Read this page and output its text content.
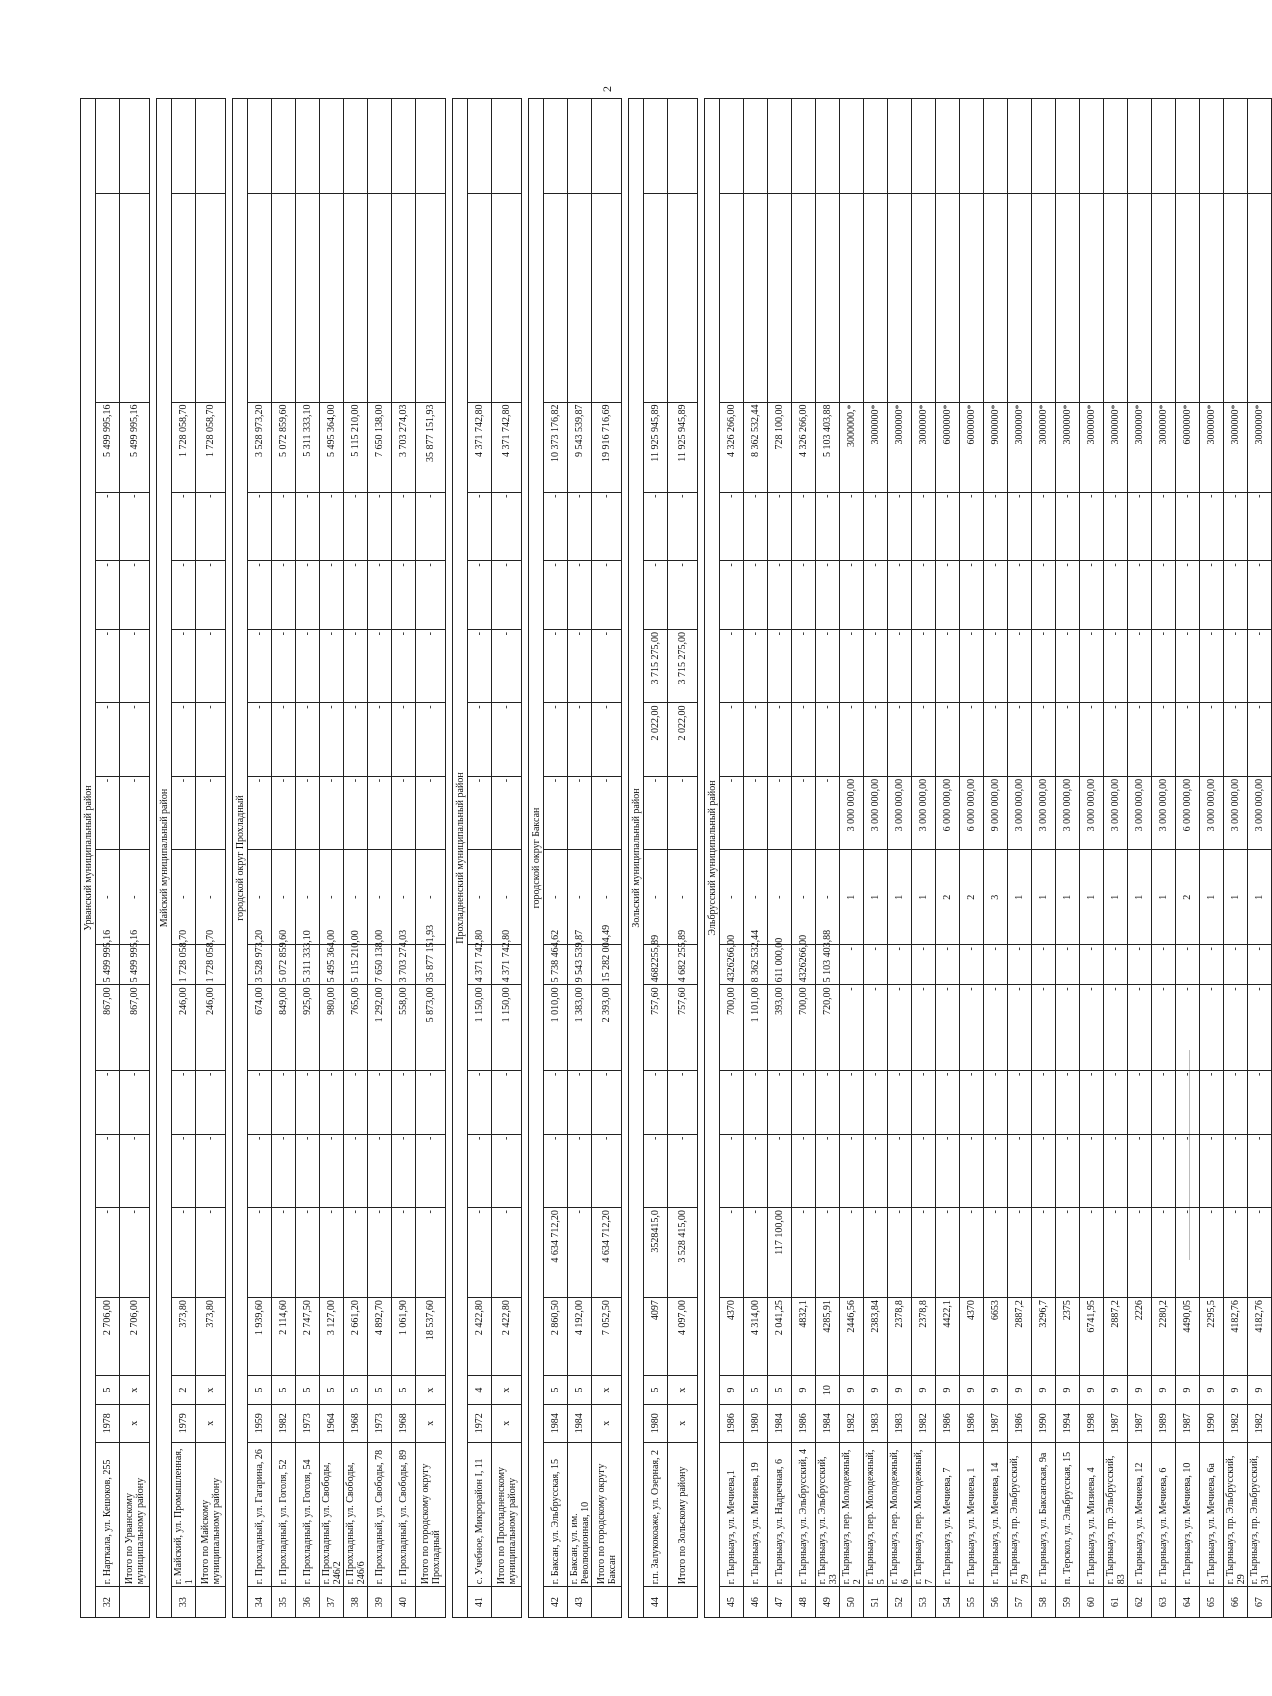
2
Урванский муниципальный район																		
32	г. Нарткала, ул. Кешоков, 255	1978	5	2 706,00	-	-	-	867,00	5 499 995,16	-	-	-	-	-	-	5 499 995,16		
	Итого по Урванскому муниципальному району	х	х	2 706,00	-	-	-	867,00	5 499 995,16	-	-	-	-	-	-	5 499 995,16		

Майский муниципальный район																		
33	г. Майский, ул. Промышленная, 1	1979	2	373,80	-	-	-	246,00	1 728 058,70	-	-	-	-	-	-	1 728 058,70		
	Итого по Майскому муниципальному району	х	х	373,80	-	-	-	246,00	1 728 058,70	-	-	-	-	-	-	1 728 058,70		

городской округ Прохладный																		
34	г. Прохладный, ул. Гагарина, 26	1959	5	1 939,60	-	-	-	674,00	3 528 973,20	-	-	-	-	-	-	3 528 973,20		
35	г. Прохладный, ул. Гоголя, 52	1982	5	2 114,60	-	-	-	849,00	5 072 859,60	-	-	-	-	-	-	5 072 859,60		
36	г. Прохладный, ул. Гоголя, 54	1973	5	2 747,50	-	-	-	925,00	5 311 333,10	-	-	-	-	-	-	5 311 333,10		
37	г. Прохладный, ул. Свободы, 246/2	1964	5	3 127,00	-	-	-	980,00	5 495 364,00	-	-	-	-	-	-	5 495 364,00		
38	г. Прохладный, ул. Свободы, 246/6	1968	5	2 661,20	-	-	-	765,00	5 115 210,00	-	-	-	-	-	-	5 115 210,00		
39	г. Прохладный, ул. Свободы, 78	1973	5	4 892,70	-	-	-	1 292,00	7 650 138,00	-	-	-	-	-	-	7 650 138,00		
40	г. Прохладный, ул. Свободы, 89	1968	5	1 061,90	-	-	-	558,00	3 703 274,03	-	-	-	-	-	-	3 703 274,03		
	Итого по городскому округу Прохладный	х	х	18 537,60	-	-	-	5 873,00	35 877 151,93	-	-	-	-	-	-	35 877 151,93		

Прохладненский муниципальный район																		
41	с. Учебное, Микрорайон I, 11	1972	4	2 422,80	-	-	-	1 150,00	4 371 742,80	-	-	-	-	-	-	4 371 742,80		
	Итого по Прохладненскому муниципальному району	х	х	2 422,80	-	-	-	1 150,00	4 371 742,80	-	-	-	-	-	-	4 371 742,80		

городской округ Баксан																		
42	г. Баксан, ул. Эльбрусская, 15	1984	5	2 860,50	4 634 712,20	-	-	1 010,00	5 738 464,62	-	-	-	-	-	-	10 373 176,82		
43	г. Баксан, ул. им. Революционная, 10	1984	5	4 192,00	-	-	-	1 383,00	9 543 539,87	-	-	-	-	-	-	9 543 539,87		
	Итого по городскому округу Баксан	х	х	7 052,50	4 634 712,20	-	-	2 393,00	15 282 004,49	-	-	-	-	-	-	19 916 716,69		

Зольский муниципальный район																		
44	г.п. Залукокоаже, ул. Озерная, 2	1980	5	4097	3528415,0	-	-	757,60	4682255,89	-	-	2 022,00	3 715 275,00	-	-	11 925 945,89		
	Итого по Зольскому району	х	х	4 097,00	3 528 415,00	-	-	757,60	4 682 255,89	-	-	2 022,00	3 715 275,00	-	-	11 925 945,89		

Эльбрусский муниципальный район																		
45	г. Тырныауз, ул. Мечиева,1	1986	9	4370	-	-	-	700,00	4326266,00	-	-	-	-	-	-	4 326 266,00		
46	г. Тырныауз, ул. Мизиева, 19	1980	5	4 314,00	-	-	-	1 101,00	8 362 532,44	-	-	-	-	-	-	8 362 532,44		
47	г. Тырныауз, ул. Надречная, 6	1984	5	2 041,25	117 100,00	-	-	393,00	611 000,00	-	-	-	-	-	-	728 100,00		
48	г. Тырныауз, ул. Эльбрусский, 4	1986	9	4832,1	-	-	-	700,00	4326266,00	-	-	-	-	-	-	4 326 266,00		
49	г. Тырныауз, ул. Эльбрусский, 33	1984	10	4285,91	-	-	-	720,00	5 103 403,88	-	-	-	-	-	-	5 103 403,88		
50	г. Тырныауз, пер. Молодежный, 2	1982	9	2446,56	-	-	-	-	-	1	3 000 000,00	-	-	-	-	3000000,*		
51	г. Тырныауз, пер. Молодежный, 5	1983	9	2383,84	-	-	-	-	-	1	3 000 000,00	-	-	-	-	3000000*		
52	г. Тырныауз, пер. Молодежный, 6	1983	9	2378,8	-	-	-	-	-	1	3 000 000,00	-	-	-	-	3000000*		
53	г. Тырныауз, пер. Молодежный, 7	1982	9	2378,8	-	-	-	-	-	1	3 000 000,00	-	-	-	-	3000000*		
54	г. Тырныауз, ул. Мечиева, 7	1986	9	4422,1	-	-	-	-	-	2	6 000 000,00	-	-	-	-	6000000*		
55	г. Тырныауз, ул. Мечиева, 1	1986	9	4370	-	-	-	-	-	2	6 000 000,00	-	-	-	-	6000000*		
56	г. Тырныауз, ул. Мечиева, 14	1987	9	6653	-	-	-	-	-	3	9 000 000,00	-	-	-	-	9000000*		
57	г. Тырныауз, пр. Эльбрусский, 79	1986	9	2887,2	-	-	-	-	-	1	3 000 000,00	-	-	-	-	3000000*		
58	г. Тырныауз, ул. Баксанская, 9а	1990	9	3296,7	-	-	-	-	-	1	3 000 000,00	-	-	-	-	3000000*		
59	п. Терскол, ул. Эльбрусская, 15	1994	9	2375	-	-	-	-	-	1	3 000 000,00	-	-	-	-	3000000*		
60	г. Тырныауз, ул. Мизиева, 4	1998	9	6741,95	-	-	-	-	-	1	3 000 000,00	-	-	-	-	3000000*		
61	г. Тырныауз, пр. Эльбрусский, 83	1987	9	2887,2	-	-	-	-	-	1	3 000 000,00	-	-	-	-	3000000*		
62	г. Тырныауз, ул. Мечиева, 12	1987	9	2226	-	-	-	-	-	1	3 000 000,00	-	-	-	-	3000000*		
63	г. Тырныауз, ул. Мечиева, 6	1989	9	2280,2	-	-	-	-	-	1	3 000 000,00	-	-	-	-	3000000*		
64	г. Тырныауз, ул. Мечиева, 10	1987	9	4490,05	-	-	-	-	-	2	6 000 000,00	-	-	-	-	6000000*		
65	г. Тырныауз, ул. Мечиева, 6а	1990	9	2295,5	-	-	-	-	-	1	3 000 000,00	-	-	-	-	3000000*		
66	г. Тырныауз, пр. Эльбрусский, 29	1982	9	4182,76	-	-	-	-	-	1	3 000 000,00	-	-	-	-	3000000*		
67	г. Тырныауз, пр. Эльбрусский, 31	1982	9	4182,76	-	-	-	-	-	1	3 000 000,00	-	-	-	-	3000000*		
